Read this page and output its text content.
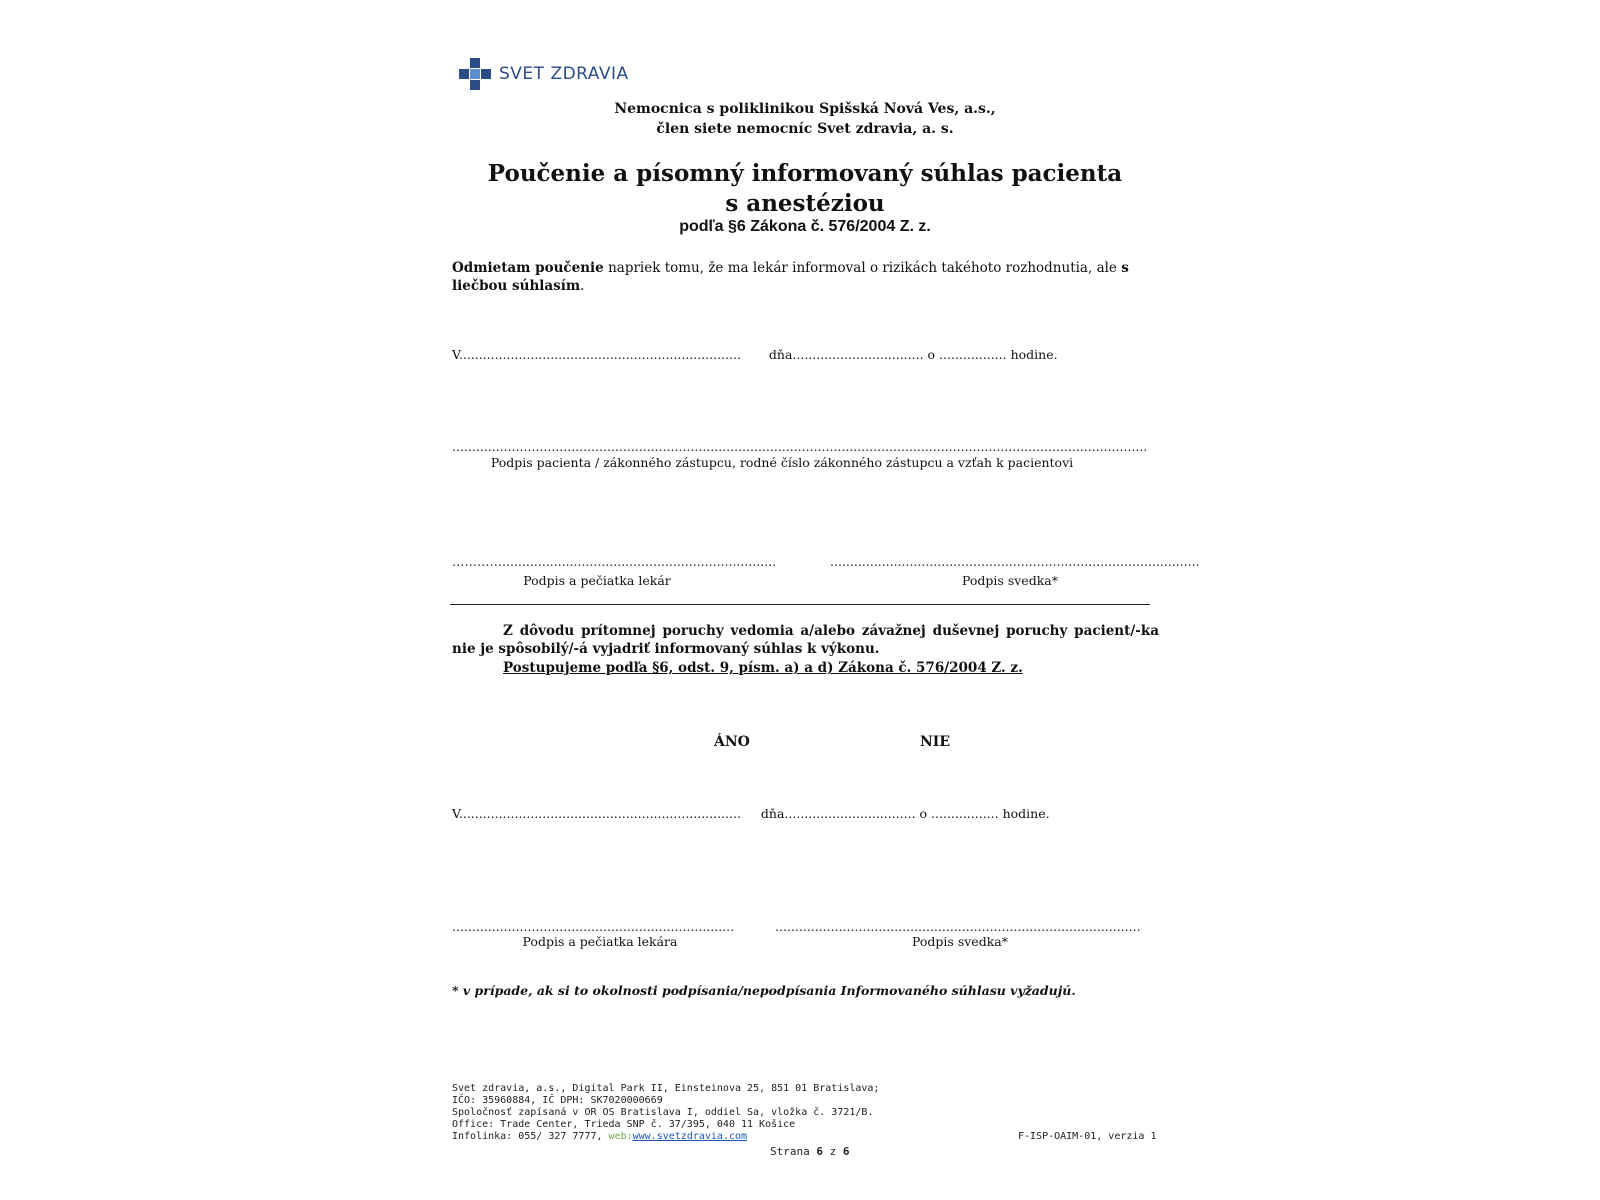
SVET ZDRAVIA
Nemocnica s poliklinikou Spišská Nová Ves, a.s.,
člen siete nemocníc Svet zdravia, a. s.
Poučenie a písomný informovaný súhlas pacienta
s anestéziou
podľa §6 Zákona č. 576/2004 Z. z.
Odmietam poučenie napriek tomu, že ma lekár informoval o rizikách takéhoto rozhodnutia, ale s liečbou súhlasím.
V....................................................................... dňa................................. o ................. hodine.
...............................................................................................................................................................................
Podpis pacienta / zákonného zástupcu, rodné číslo zákonného zástupcu a vzťah k pacientovi
………….....................................................................	.............................................................................................
Podpis a pečiatka lekár	Podpis svedka*
Z dôvodu prítomnej poruchy vedomia a/alebo závažnej duševnej poruchy pacient/-ka nie je spôsobilý/-á vyjadriť informovaný súhlas k výkonu.
Postupujeme podľa §6, odst. 9, písm. a) a d) Zákona č. 576/2004 Z. z.
ÁNO	NIE
V....................................................................... dňa................................. o ................. hodine.
.......................................................................	............................................................................................
Podpis a pečiatka lekára	Podpis svedka*
* v prípade, ak si to okolnosti podpísania/nepodpísania Informovaného súhlasu vyžadujú.
Svet zdravia, a.s., Digital Park II, Einsteinova 25, 851 01 Bratislava;
IČO: 35960884, IČ DPH: SK7020000669
Spoločnosť zapísaná v OR OS Bratislava I, oddiel Sa, vložka č. 3721/B.
Office: Trade Center, Trieda SNP č. 37/395, 040 11 Košice
Infolinka: 055/ 327 7777, web:www.svetzdravia.com	F-ISP-OAIM-01, verzia 1
Strana 6 z 6
